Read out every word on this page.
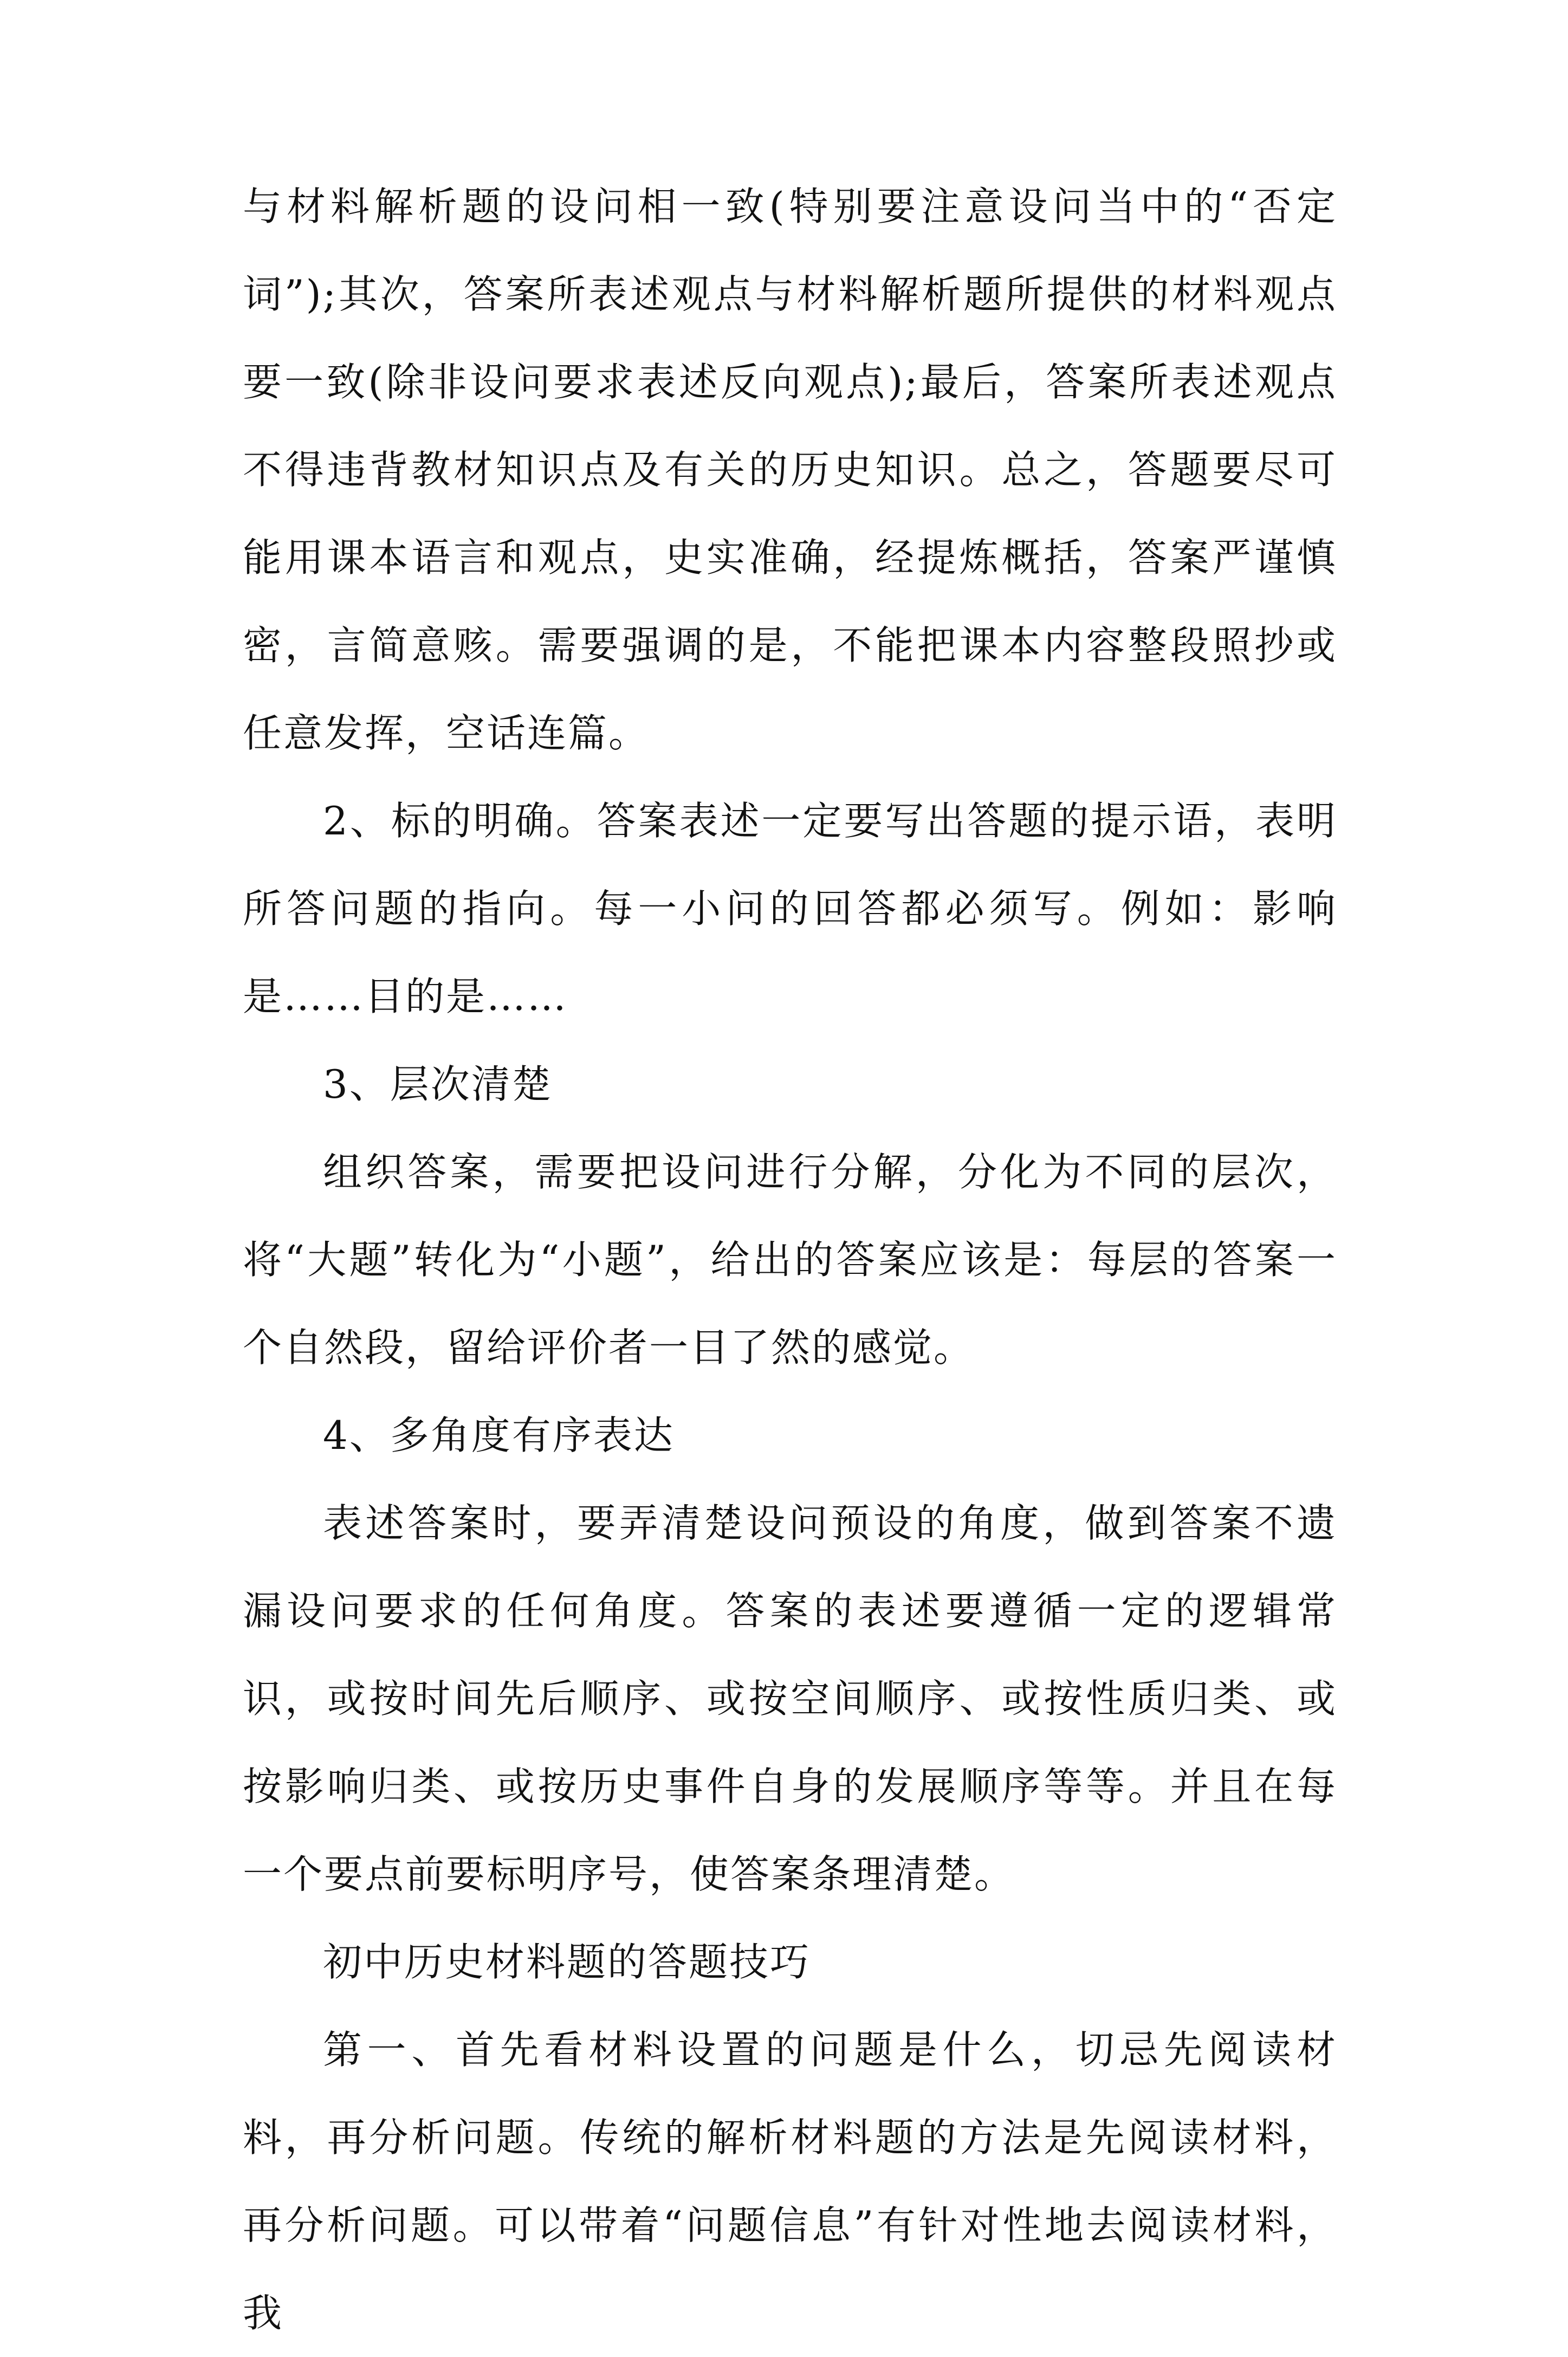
与材料解析题的设问相一致(特别要注意设问当中的“否定词”);其次，答案所表述观点与材料解析题所提供的材料观点要一致(除非设问要求表述反向观点);最后，答案所表述观点不得违背教材知识点及有关的历史知识。总之，答题要尽可能用课本语言和观点，史实准确，经提炼概括，答案严谨慎密，言简意赅。需要强调的是，不能把课本内容整段照抄或任意发挥，空话连篇。

2、标的明确。答案表述一定要写出答题的提示语，表明所答问题的指向。每一小问的回答都必须写。例如：影响是……目的是……

3、层次清楚

组织答案，需要把设问进行分解，分化为不同的层次，将“大题”转化为“小题”，给出的答案应该是：每层的答案一个自然段，留给评价者一目了然的感觉。

4、多角度有序表达

表述答案时，要弄清楚设问预设的角度，做到答案不遗漏设问要求的任何角度。答案的表述要遵循一定的逻辑常识，或按时间先后顺序、或按空间顺序、或按性质归类、或按影响归类、或按历史事件自身的发展顺序等等。并且在每一个要点前要标明序号，使答案条理清楚。

初中历史材料题的答题技巧

第一、首先看材料设置的问题是什么，切忌先阅读材料，再分析问题。传统的解析材料题的方法是先阅读材料，再分析问题。可以带着“问题信息”有针对性地去阅读材料，我
